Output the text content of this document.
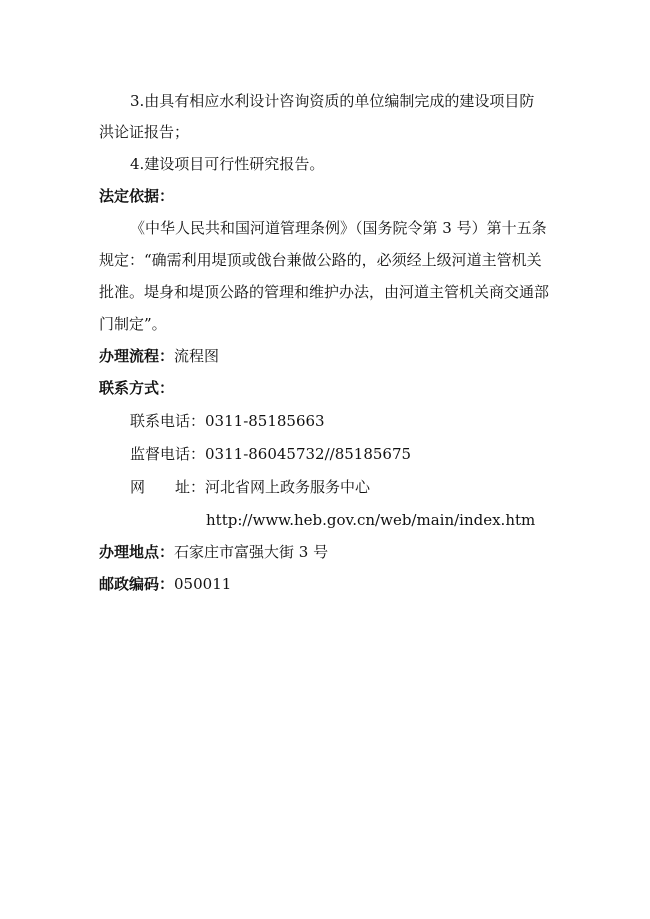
3.由具有相应水利设计咨询资质的单位编制完成的建设项目防
洪论证报告；
4.建设项目可行性研究报告。
法定依据：
《中华人民共和国河道管理条例》（国务院令第 3 号）第十五条
规定：“确需利用堤顶或戗台兼做公路的，必须经上级河道主管机关
批准。堤身和堤顶公路的管理和维护办法，由河道主管机关商交通部
门制定”。
办理流程：流程图
联系方式：
联系电话：0311-85185663
监督电话：0311-86045732//85185675
网 址：河北省网上政务服务中心
http://www.heb.gov.cn/web/main/index.htm
办理地点：石家庄市富强大街 3 号
邮政编码：050011
